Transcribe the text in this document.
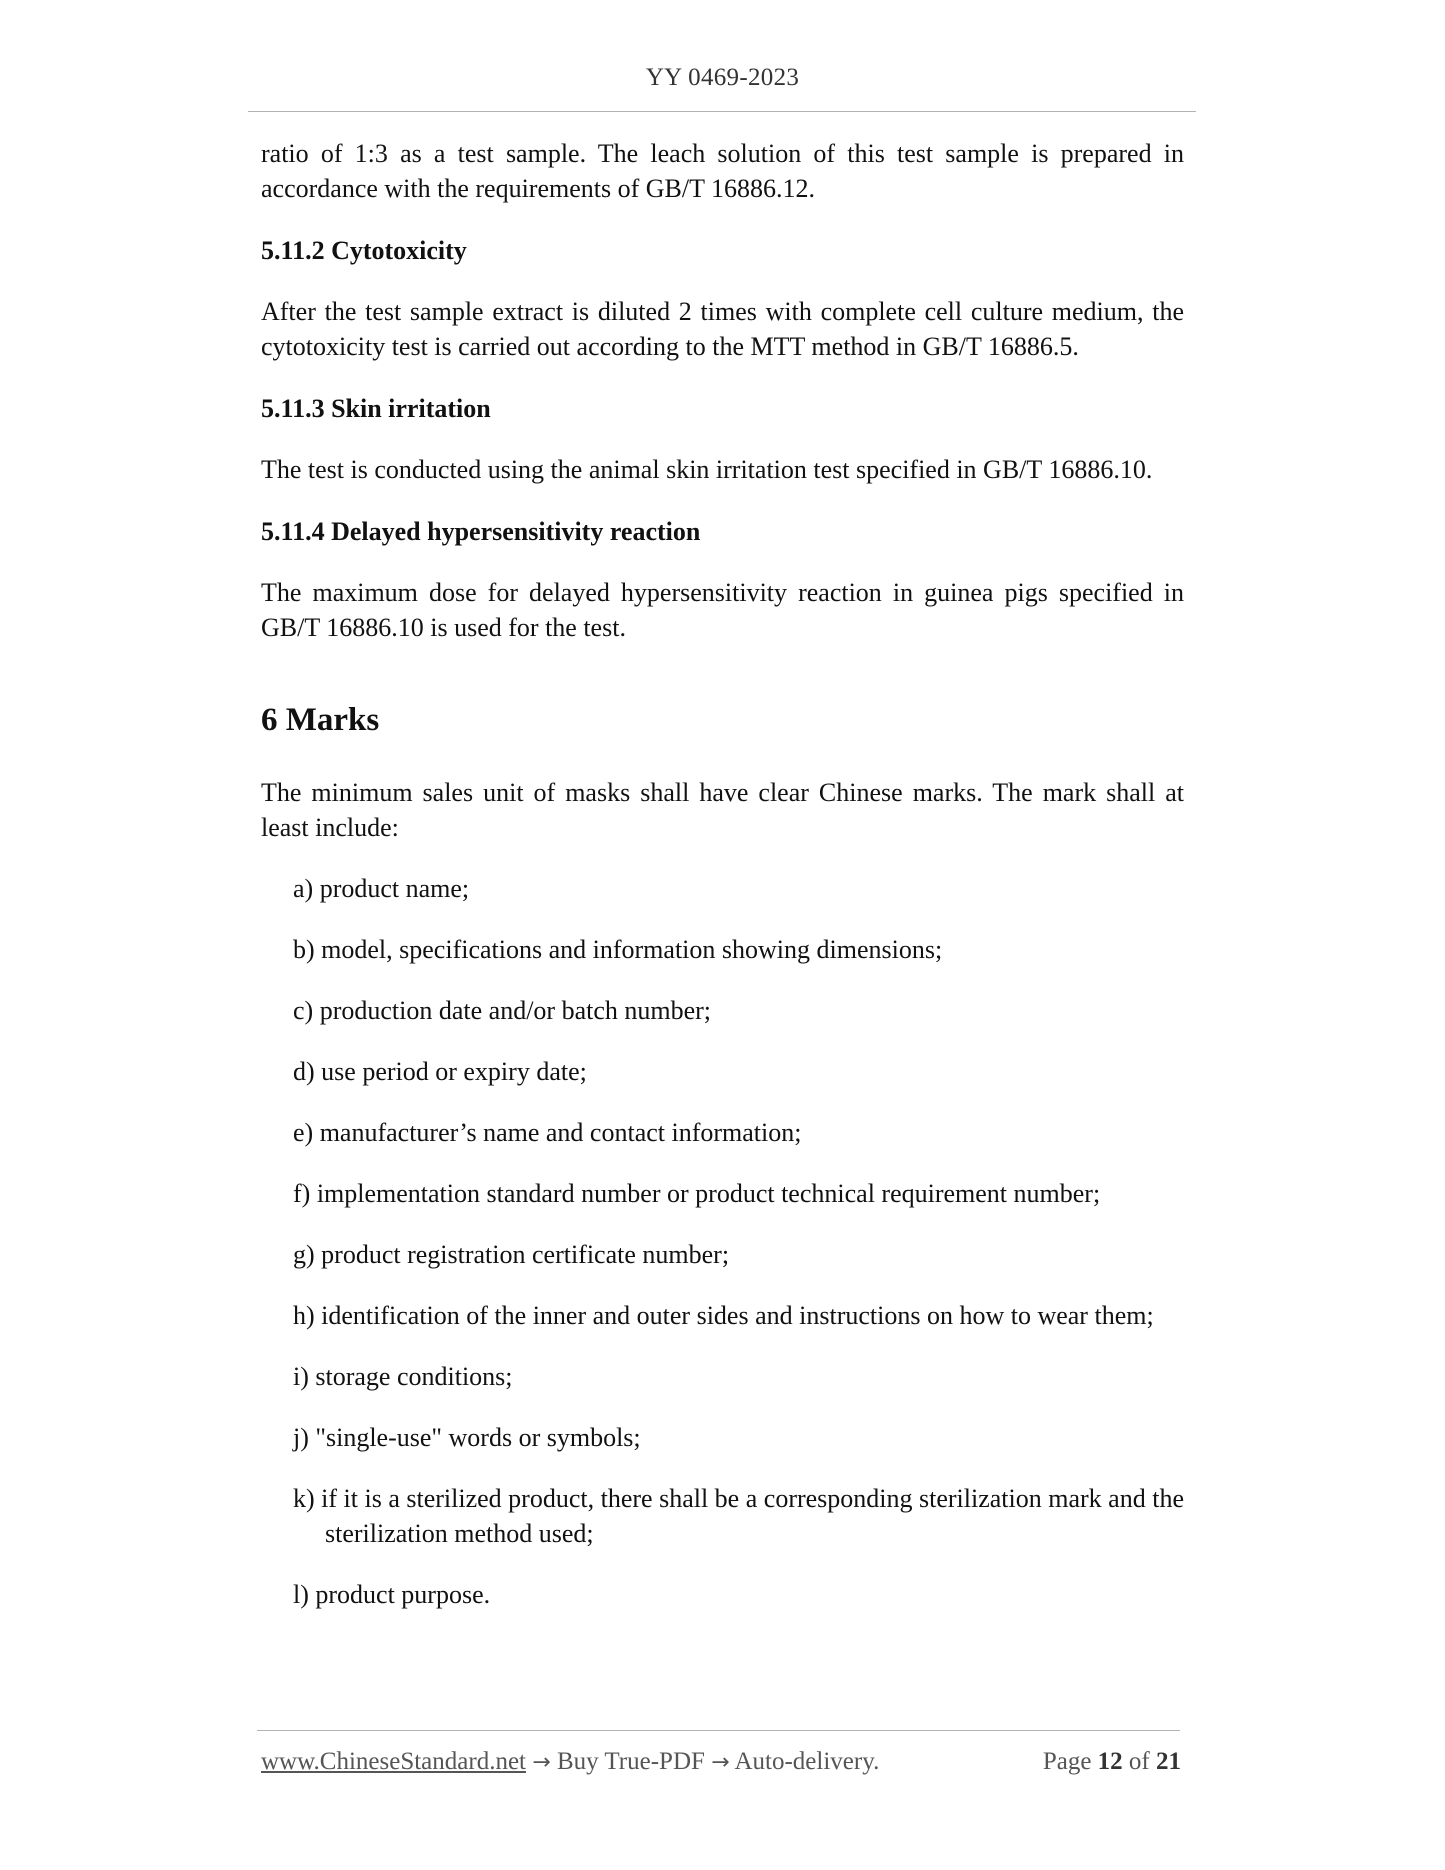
YY 0469-2023

ratio of 1:3 as a test sample. The leach solution of this test sample is prepared in accordance with the requirements of GB/T 16886.12.

5.11.2 Cytotoxicity

After the test sample extract is diluted 2 times with complete cell culture medium, the cytotoxicity test is carried out according to the MTT method in GB/T 16886.5.

5.11.3 Skin irritation

The test is conducted using the animal skin irritation test specified in GB/T 16886.10.

5.11.4 Delayed hypersensitivity reaction

The maximum dose for delayed hypersensitivity reaction in guinea pigs specified in GB/T 16886.10 is used for the test.

6 Marks

The minimum sales unit of masks shall have clear Chinese marks. The mark shall at least include:

a) product name;
b) model, specifications and information showing dimensions;
c) production date and/or batch number;
d) use period or expiry date;
e) manufacturer’s name and contact information;
f) implementation standard number or product technical requirement number;
g) product registration certificate number;
h) identification of the inner and outer sides and instructions on how to wear them;
i) storage conditions;
j) "single-use" words or symbols;
k) if it is a sterilized product, there shall be a corresponding sterilization mark and the sterilization method used;
l) product purpose.
www.ChineseStandard.net → Buy True-PDF → Auto-delivery.	Page 12 of 21
